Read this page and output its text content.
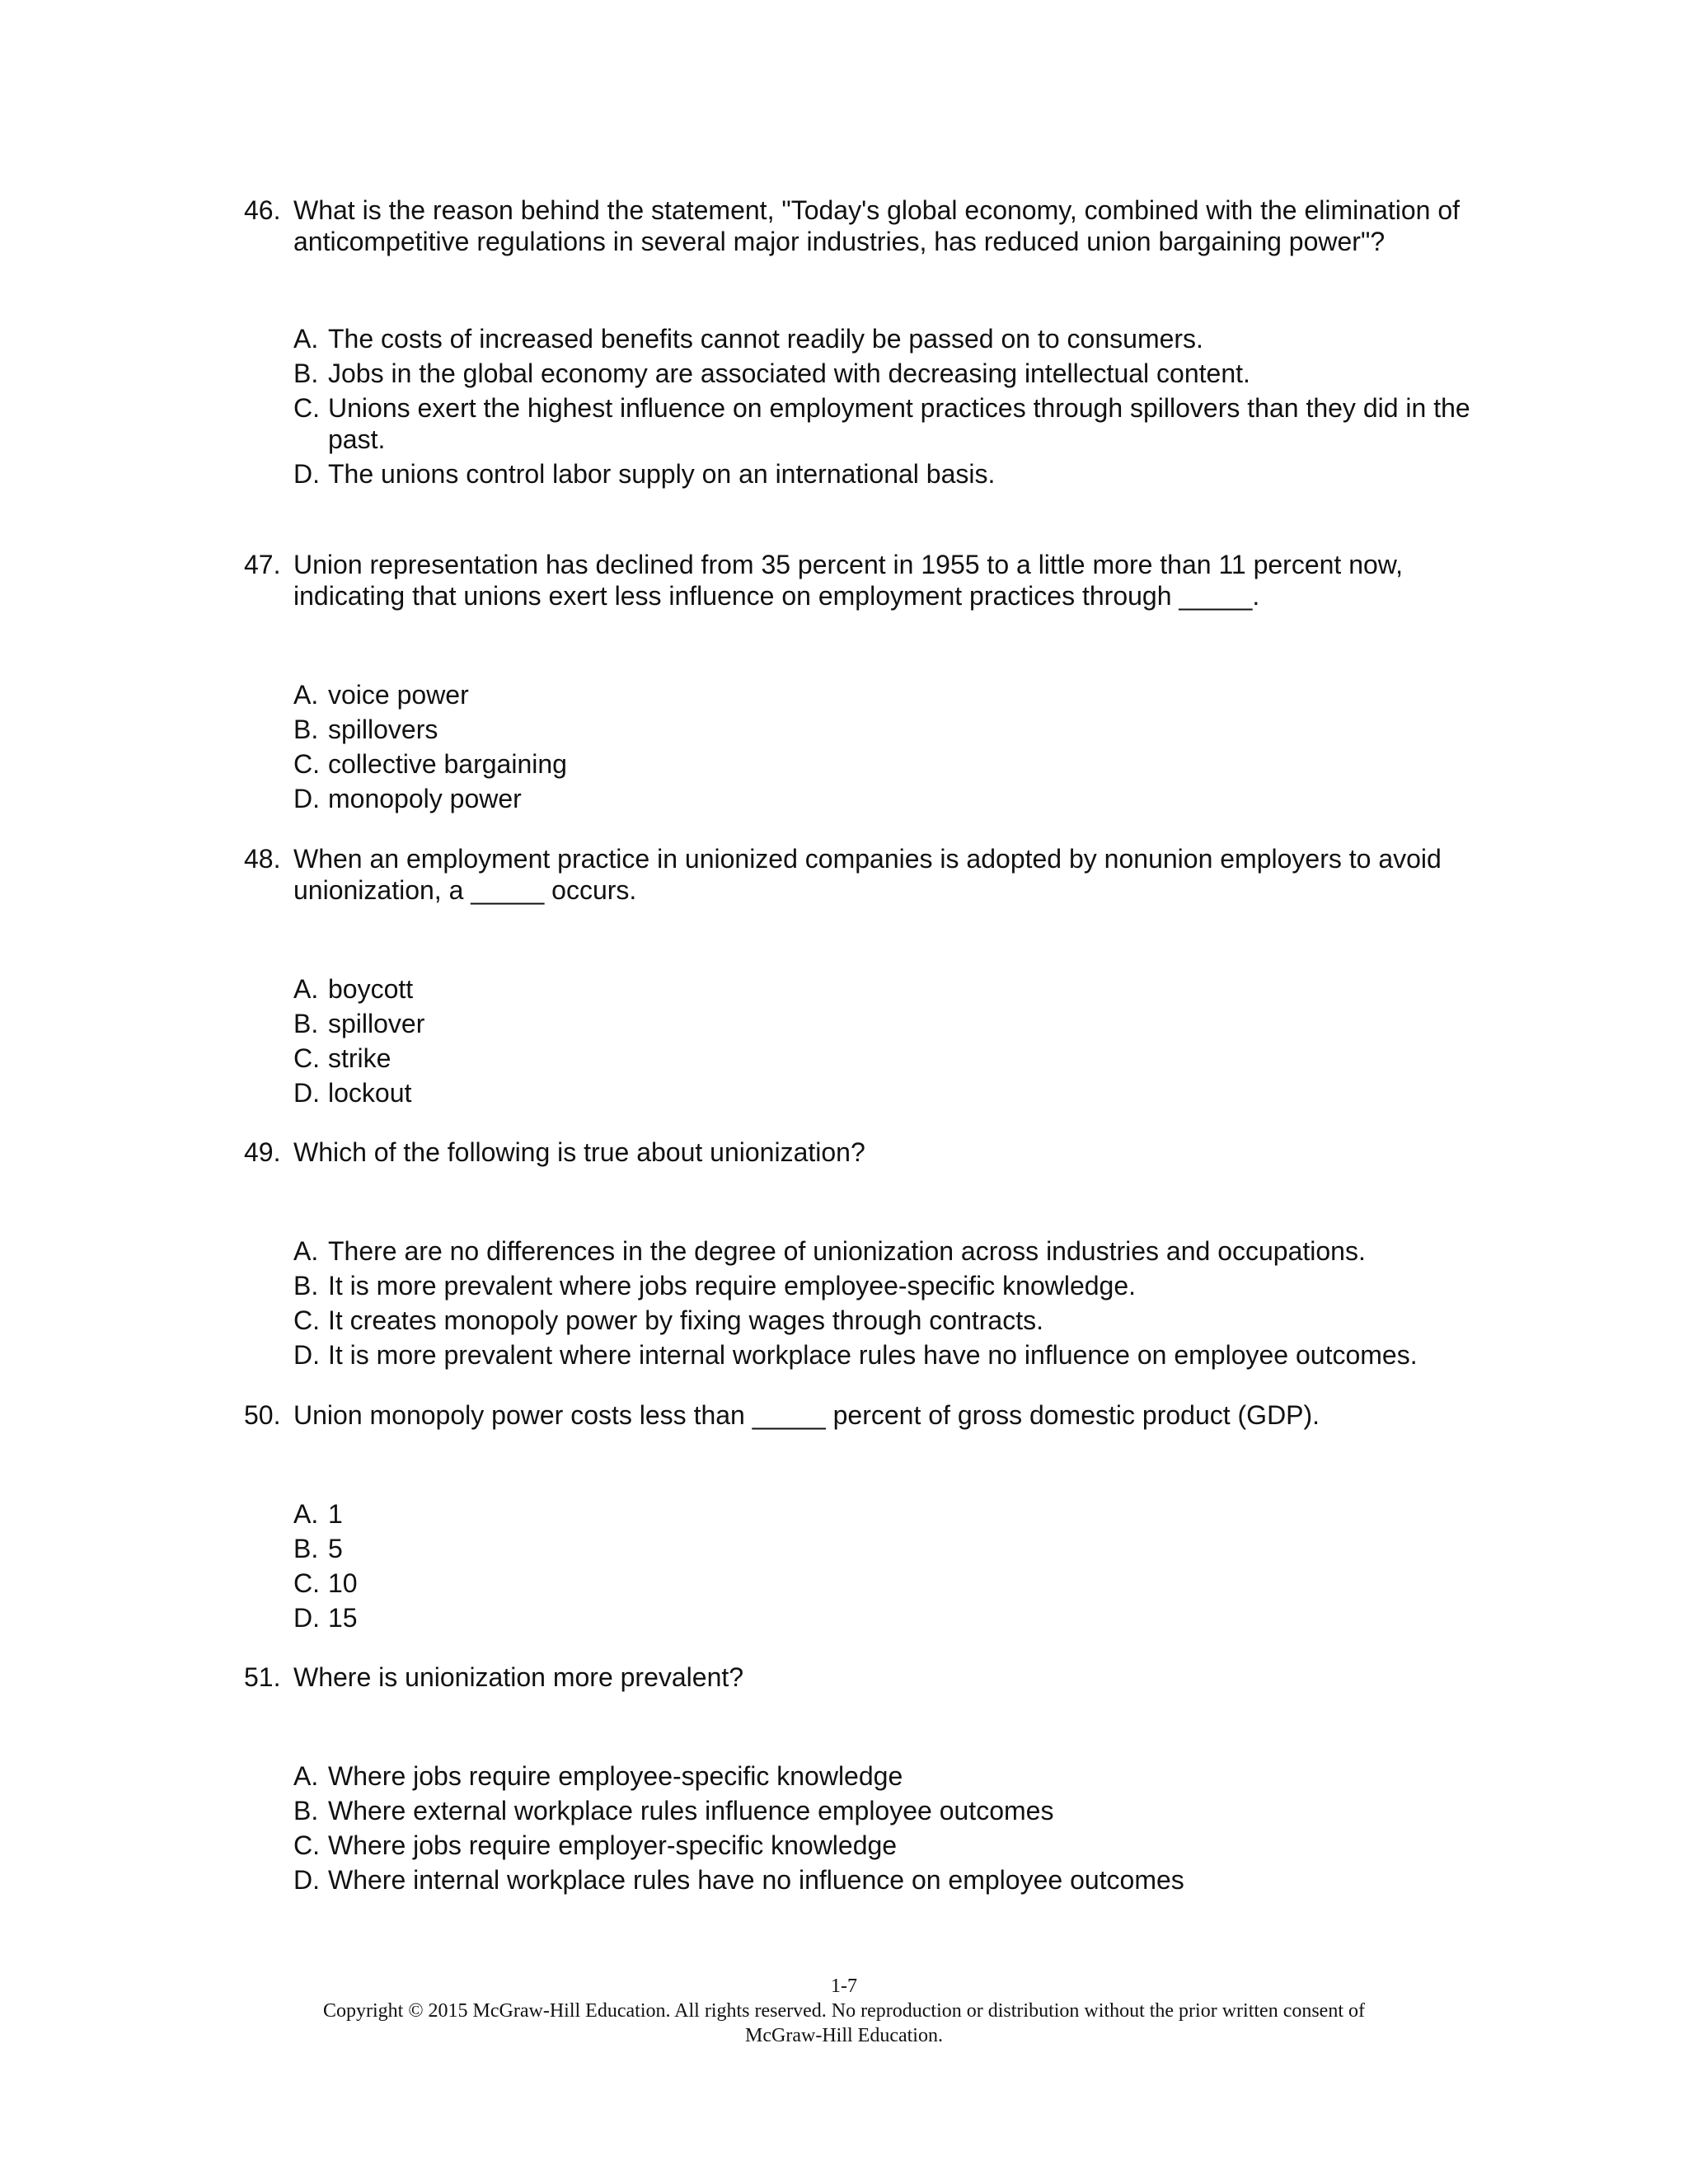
46. What is the reason behind the statement, "Today's global economy, combined with the elimination of anticompetitive regulations in several major industries, has reduced union bargaining power"?
A. The costs of increased benefits cannot readily be passed on to consumers.
B. Jobs in the global economy are associated with decreasing intellectual content.
C. Unions exert the highest influence on employment practices through spillovers than they did in the past.
D. The unions control labor supply on an international basis.
47. Union representation has declined from 35 percent in 1955 to a little more than 11 percent now, indicating that unions exert less influence on employment practices through _____.
A. voice power
B. spillovers
C. collective bargaining
D. monopoly power
48. When an employment practice in unionized companies is adopted by nonunion employers to avoid unionization, a _____ occurs.
A. boycott
B. spillover
C. strike
D. lockout
49. Which of the following is true about unionization?
A. There are no differences in the degree of unionization across industries and occupations.
B. It is more prevalent where jobs require employee-specific knowledge.
C. It creates monopoly power by fixing wages through contracts.
D. It is more prevalent where internal workplace rules have no influence on employee outcomes.
50. Union monopoly power costs less than _____ percent of gross domestic product (GDP).
A. 1
B. 5
C. 10
D. 15
51. Where is unionization more prevalent?
A. Where jobs require employee-specific knowledge
B. Where external workplace rules influence employee outcomes
C. Where jobs require employer-specific knowledge
D. Where internal workplace rules have no influence on employee outcomes
1-7
Copyright © 2015 McGraw-Hill Education. All rights reserved. No reproduction or distribution without the prior written consent of
McGraw-Hill Education.
